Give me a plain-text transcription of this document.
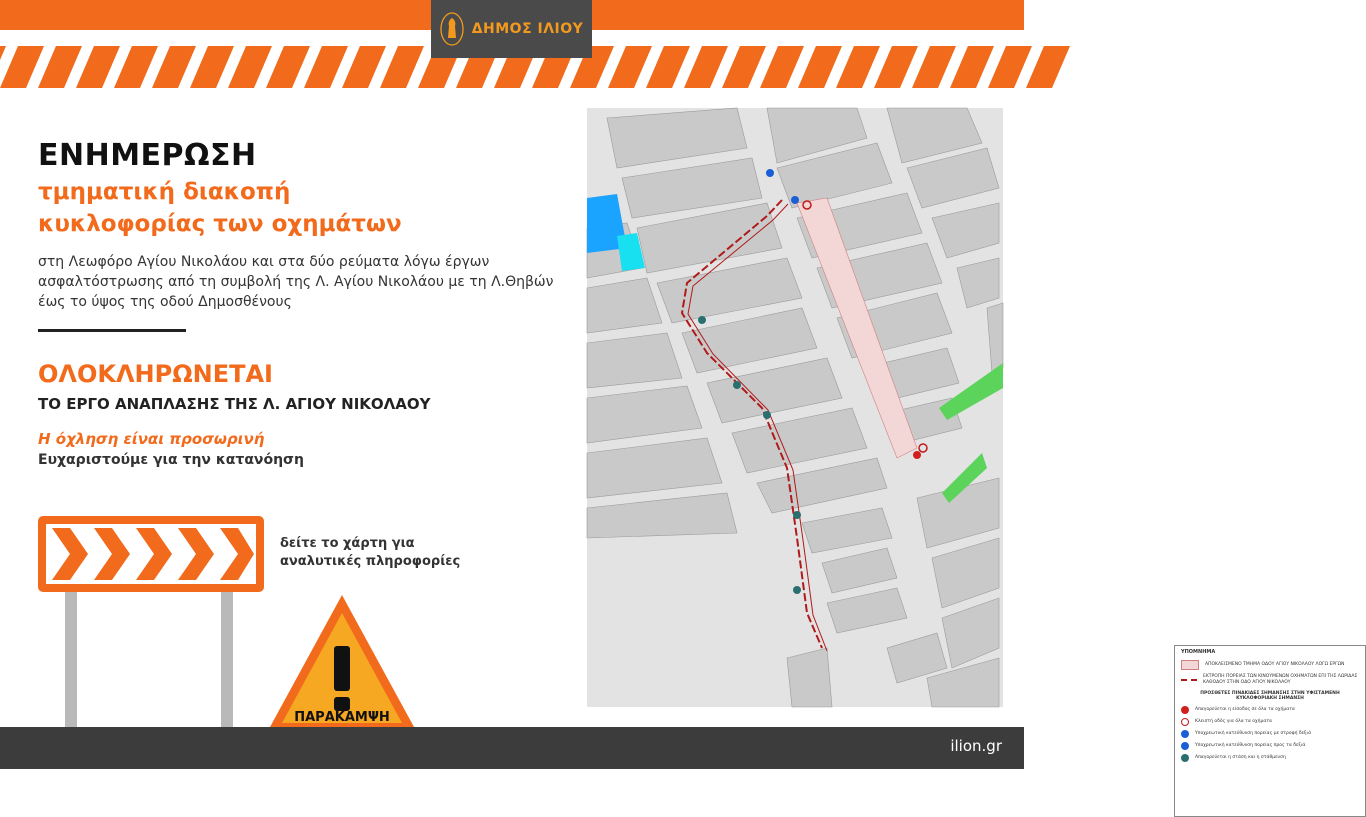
ΔΗΜΟΣ ΙΛΙΟΥ
ΕΝΗΜΕΡΩΣΗ
τμηματική διακοπή
κυκλοφορίας των οχημάτων
στη Λεωφόρο Αγίου Νικολάου και στα δύο ρεύματα λόγω έργων ασφαλτόστρωσης από τη συμβολή της Λ. Αγίου Νικολάου με τη Λ.Θηβών έως το ύψος της οδού Δημοσθένους
ΟΛΟΚΛΗΡΩΝΕΤΑΙ
ΤΟ ΕΡΓΟ ΑΝΑΠΛΑΣΗΣ ΤΗΣ Λ. ΑΓΙΟΥ ΝΙΚΟΛΑΟΥ
Η όχληση είναι προσωρινή
Ευχαριστούμε για την κατανόηση
δείτε το χάρτη για αναλυτικές πληροφορίες
ΠΑΡΑΚΑΜΨΗ
ΥΠΟΜΝΗΜΑ
ΑΠΟΚΛΕΙΣΜΕΝΟ ΤΜΗΜΑ ΟΔΟΥ ΑΓΙΟΥ ΝΙΚΟΛΑΟΥ ΛΟΓΩ ΕΡΓΩΝ
ΕΚΤΡΟΠΗ ΠΟΡΕΙΑΣ ΤΩΝ ΚΙΝΟΥΜΕΝΩΝ ΟΧΗΜΑΤΩΝ ΕΠΙ ΤΗΣ ΛΩΡΙΔΑΣ ΚΑΘΟΔΟΥ ΣΤΗΝ ΟΔΟ ΑΓΙΟΥ ΝΙΚΟΛΑΟΥ
ΠΡΟΣΘΕΤΕΣ ΠΙΝΑΚΙΔΕΣ ΣΗΜΑΝΣΗΣ ΣΤΗΝ ΥΦΙΣΤΑΜΕΝΗ ΚΥΚΛΟΦΟΡΙΑΚΗ ΣΗΜΑΝΣΗ
Απαγορεύεται η είσοδος σε όλα τα οχήματα
Κλειστή οδός για όλα τα οχήματα
Υποχρεωτική κατεύθυνση πορείας με στροφή δεξιά
Υποχρεωτική κατεύθυνση πορείας προς τα δεξιά
Απαγορεύεται η στάση και η στάθμευση
ilion.gr
